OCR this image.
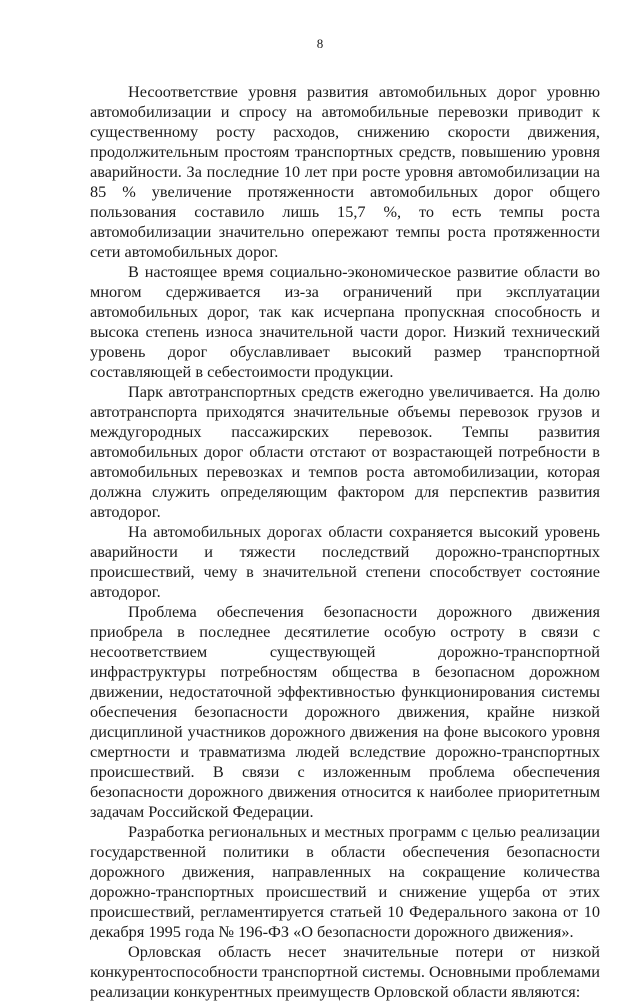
8

Несоответствие уровня развития автомобильных дорог уровню автомобилизации и спросу на автомобильные перевозки приводит к существенному росту расходов, снижению скорости движения, продолжительным простоям транспортных средств, повышению уровня аварийности. За последние 10 лет при росте уровня автомобилизации на 85 % увеличение протяженности автомобильных дорог общего пользования составило лишь 15,7 %, то есть темпы роста автомобилизации значительно опережают темпы роста протяженности сети автомобильных дорог.

В настоящее время социально-экономическое развитие области во многом сдерживается из-за ограничений при эксплуатации автомобильных дорог, так как исчерпана пропускная способность и высока степень износа значительной части дорог. Низкий технический уровень дорог обуславливает высокий размер транспортной составляющей в себестоимости продукции.

Парк автотранспортных средств ежегодно увеличивается. На долю автотранспорта приходятся значительные объемы перевозок грузов и междугородных пассажирских перевозок. Темпы развития автомобильных дорог области отстают от возрастающей потребности в автомобильных перевозках и темпов роста автомобилизации, которая должна служить определяющим фактором для перспектив развития автодорог.

На автомобильных дорогах области сохраняется высокий уровень аварийности и тяжести последствий дорожно-транспортных происшествий, чему в значительной степени способствует состояние автодорог.

Проблема обеспечения безопасности дорожного движения приобрела в последнее десятилетие особую остроту в связи с несоответствием существующей дорожно-транспортной инфраструктуры потребностям общества в безопасном дорожном движении, недостаточной эффективностью функционирования системы обеспечения безопасности дорожного движения, крайне низкой дисциплиной участников дорожного движения на фоне высокого уровня смертности и травматизма людей вследствие дорожно-транспортных происшествий. В связи с изложенным проблема обеспечения безопасности дорожного движения относится к наиболее приоритетным задачам Российской Федерации.

Разработка региональных и местных программ с целью реализации государственной политики в области обеспечения безопасности дорожного движения, направленных на сокращение количества дорожно-транспортных происшествий и снижение ущерба от этих происшествий, регламентируется статьей 10 Федерального закона от 10 декабря 1995 года № 196-ФЗ «О безопасности дорожного движения».

Орловская область несет значительные потери от низкой конкурентоспособности транспортной системы. Основными проблемами реализации конкурентных преимуществ Орловской области являются:
